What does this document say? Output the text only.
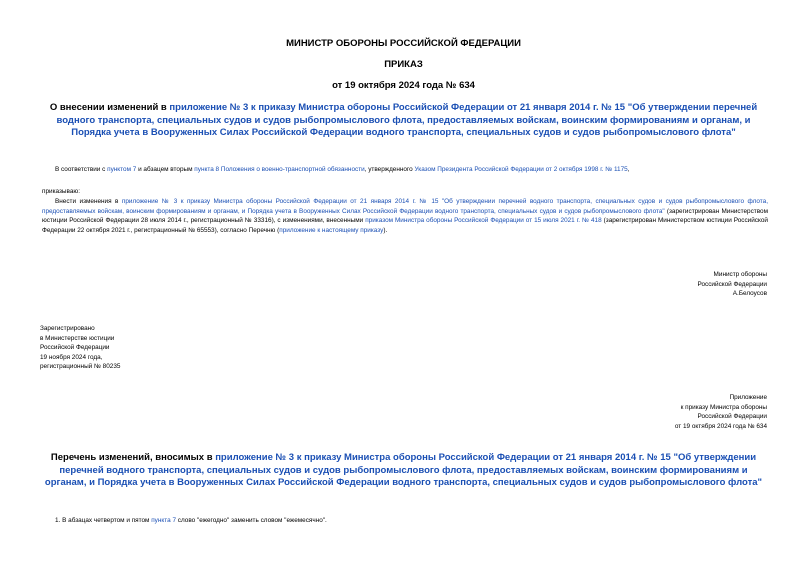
МИНИСТР ОБОРОНЫ РОССИЙСКОЙ ФЕДЕРАЦИИ
ПРИКАЗ
от 19 октября 2024 года № 634
О внесении изменений в приложение № 3 к приказу Министра обороны Российской Федерации от 21 января 2014 г. № 15 "Об утверждении перечней водного транспорта, специальных судов и судов рыбопромыслового флота, предоставляемых войскам, воинским формированиям и органам, и Порядка учета в Вооруженных Силах Российской Федерации водного транспорта, специальных судов и судов рыбопромыслового флота"
В соответствии с пунктом 7 и абзацем вторым пункта 8 Положения о военно-транспортной обязанности, утвержденного Указом Президента Российской Федерации от 2 октября 1998 г. № 1175,
приказываю:
Внести изменения в приложение № 3 к приказу Министра обороны Российской Федерации от 21 января 2014 г. № 15 "Об утверждении перечней водного транспорта, специальных судов и судов рыбопромыслового флота, предоставляемых войскам, воинским формированиям и органам, и Порядка учета в Вооруженных Силах Российской Федерации водного транспорта, специальных судов и судов рыбопромыслового флота" (зарегистрирован Министерством юстиции Российской Федерации 28 июля 2014 г., регистрационный № 33316), с изменениями, внесенными приказом Министра обороны Российской Федерации от 15 июля 2021 г. № 418 (зарегистрирован Министерством юстиции Российской Федерации 22 октября 2021 г., регистрационный № 65553), согласно Перечню (приложение к настоящему приказу).
Министр обороны
Российской Федерации
А.Белоусов
Зарегистрировано
в Министерстве юстиции
Российской Федерации
19 ноября 2024 года,
регистрационный № 80235
Приложение
к приказу Министра обороны
Российской Федерации
от 19 октября 2024 года № 634
Перечень изменений, вносимых в приложение № 3 к приказу Министра обороны Российской Федерации от 21 января 2014 г. № 15 "Об утверждении перечней водного транспорта, специальных судов и судов рыбопромыслового флота, предоставляемых войскам, воинским формированиям и органам, и Порядка учета в Вооруженных Силах Российской Федерации водного транспорта, специальных судов и судов рыбопромыслового флота"
1. В абзацах четвертом и пятом пункта 7 слово "ежегодно" заменить словом "ежемесячно".
